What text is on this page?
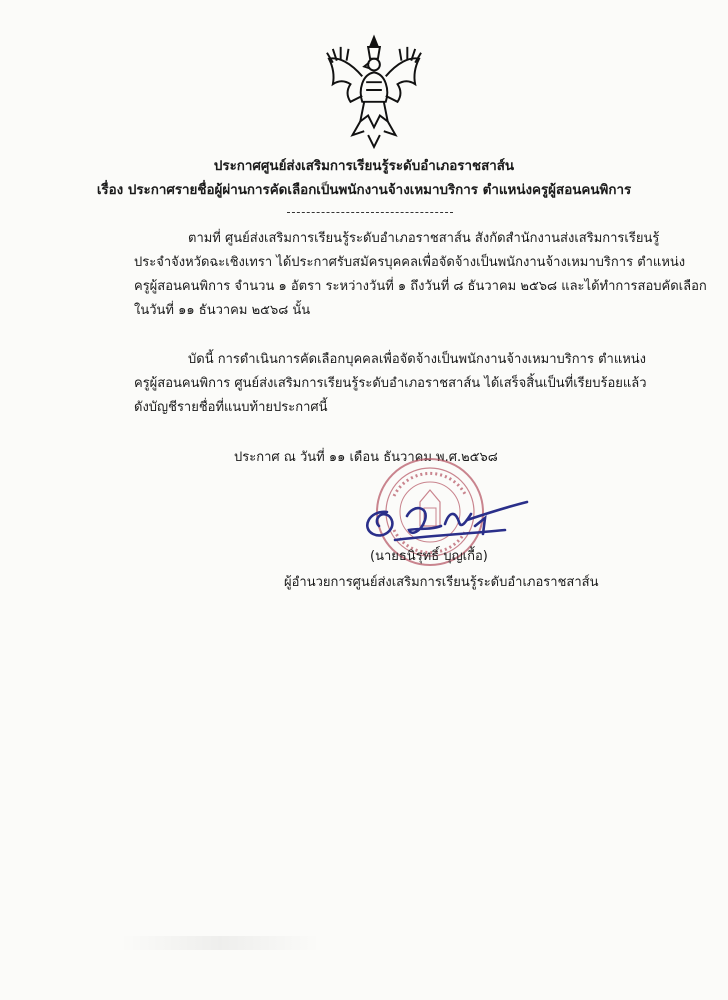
ประกาศศูนย์ส่งเสริมการเรียนรู้ระดับอำเภอราชสาส์น
เรื่อง ประกาศรายชื่อผู้ผ่านการคัดเลือกเป็นพนักงานจ้างเหมาบริการ ตำแหน่งครูผู้สอนคนพิการ
ตามที่ ศูนย์ส่งเสริมการเรียนรู้ระดับอำเภอราชสาส์น สังกัดสำนักงานส่งเสริมการเรียนรู้
ประจำจังหวัดฉะเชิงเทรา ได้ประกาศรับสมัครบุคคลเพื่อจัดจ้างเป็นพนักงานจ้างเหมาบริการ ตำแหน่ง
ครูผู้สอนคนพิการ จำนวน ๑ อัตรา ระหว่างวันที่ ๑ ถึงวันที่ ๘ ธันวาคม ๒๕๖๘ และได้ทำการสอบคัดเลือก
ในวันที่ ๑๑ ธันวาคม ๒๕๖๘ นั้น
บัดนี้ การดำเนินการคัดเลือกบุคคลเพื่อจัดจ้างเป็นพนักงานจ้างเหมาบริการ ตำแหน่ง
ครูผู้สอนคนพิการ ศูนย์ส่งเสริมการเรียนรู้ระดับอำเภอราชสาส์น ได้เสร็จสิ้นเป็นที่เรียบร้อยแล้ว
ดังบัญชีรายชื่อที่แนบท้ายประกาศนี้
ประกาศ ณ วันที่ ๑๑ เดือน ธันวาคม พ.ศ.๒๕๖๘
(นายธนิรุทธิ์ บุญเกื้อ)
ผู้อำนวยการศูนย์ส่งเสริมการเรียนรู้ระดับอำเภอราชสาส์น
